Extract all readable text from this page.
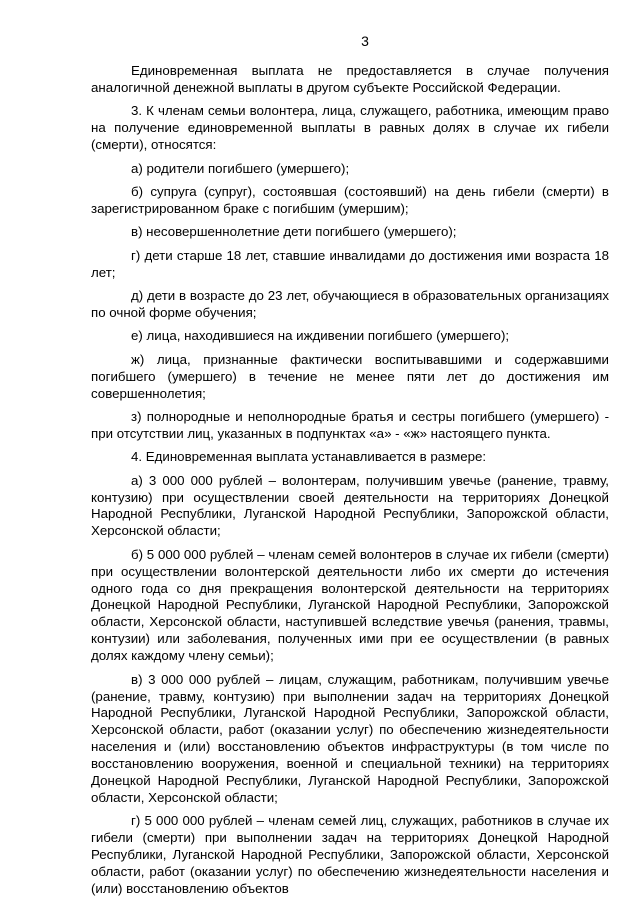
3

Единовременная выплата не предоставляется в случае получения аналогичной денежной выплаты в другом субъекте Российской Федерации.

3. К членам семьи волонтера, лица, служащего, работника, имеющим право на получение единовременной выплаты в равных долях в случае их гибели (смерти), относятся:

а) родители погибшего (умершего);

б) супруга (супруг), состоявшая (состоявший) на день гибели (смерти) в зарегистрированном браке с погибшим (умершим);

в) несовершеннолетние дети погибшего (умершего);

г) дети старше 18 лет, ставшие инвалидами до достижения ими возраста 18 лет;

д) дети в возрасте до 23 лет, обучающиеся в образовательных организациях по очной форме обучения;

е) лица, находившиеся на иждивении погибшего (умершего);

ж) лица, признанные фактически воспитывавшими и содержавшими погибшего (умершего) в течение не менее пяти лет до достижения им совершеннолетия;

з) полнородные и неполнородные братья и сестры погибшего (умершего) - при отсутствии лиц, указанных в подпунктах «а» - «ж» настоящего пункта.

4. Единовременная выплата устанавливается в размере:

а) 3 000 000 рублей – волонтерам, получившим увечье (ранение, травму, контузию) при осуществлении своей деятельности на территориях Донецкой Народной Республики, Луганской Народной Республики, Запорожской области, Херсонской области;

б) 5 000 000 рублей – членам семей волонтеров в случае их гибели (смерти) при осуществлении волонтерской деятельности либо их смерти до истечения одного года со дня прекращения волонтерской деятельности на территориях Донецкой Народной Республики, Луганской Народной Республики, Запорожской области, Херсонской области, наступившей вследствие увечья (ранения, травмы, контузии) или заболевания, полученных ими при ее осуществлении (в равных долях каждому члену семьи);

в) 3 000 000 рублей – лицам, служащим, работникам, получившим увечье (ранение, травму, контузию) при выполнении задач на территориях Донецкой Народной Республики, Луганской Народной Республики, Запорожской области, Херсонской области, работ (оказании услуг) по обеспечению жизнедеятельности населения и (или) восстановлению объектов инфраструктуры (в том числе по восстановлению вооружения, военной и специальной техники) на территориях Донецкой Народной Республики, Луганской Народной Республики, Запорожской области, Херсонской области;

г) 5 000 000 рублей – членам семей лиц, служащих, работников в случае их гибели (смерти) при выполнении задач на территориях Донецкой Народной Республики, Луганской Народной Республики, Запорожской области, Херсонской области, работ (оказании услуг) по обеспечению жизнедеятельности населения и (или) восстановлению объектов
